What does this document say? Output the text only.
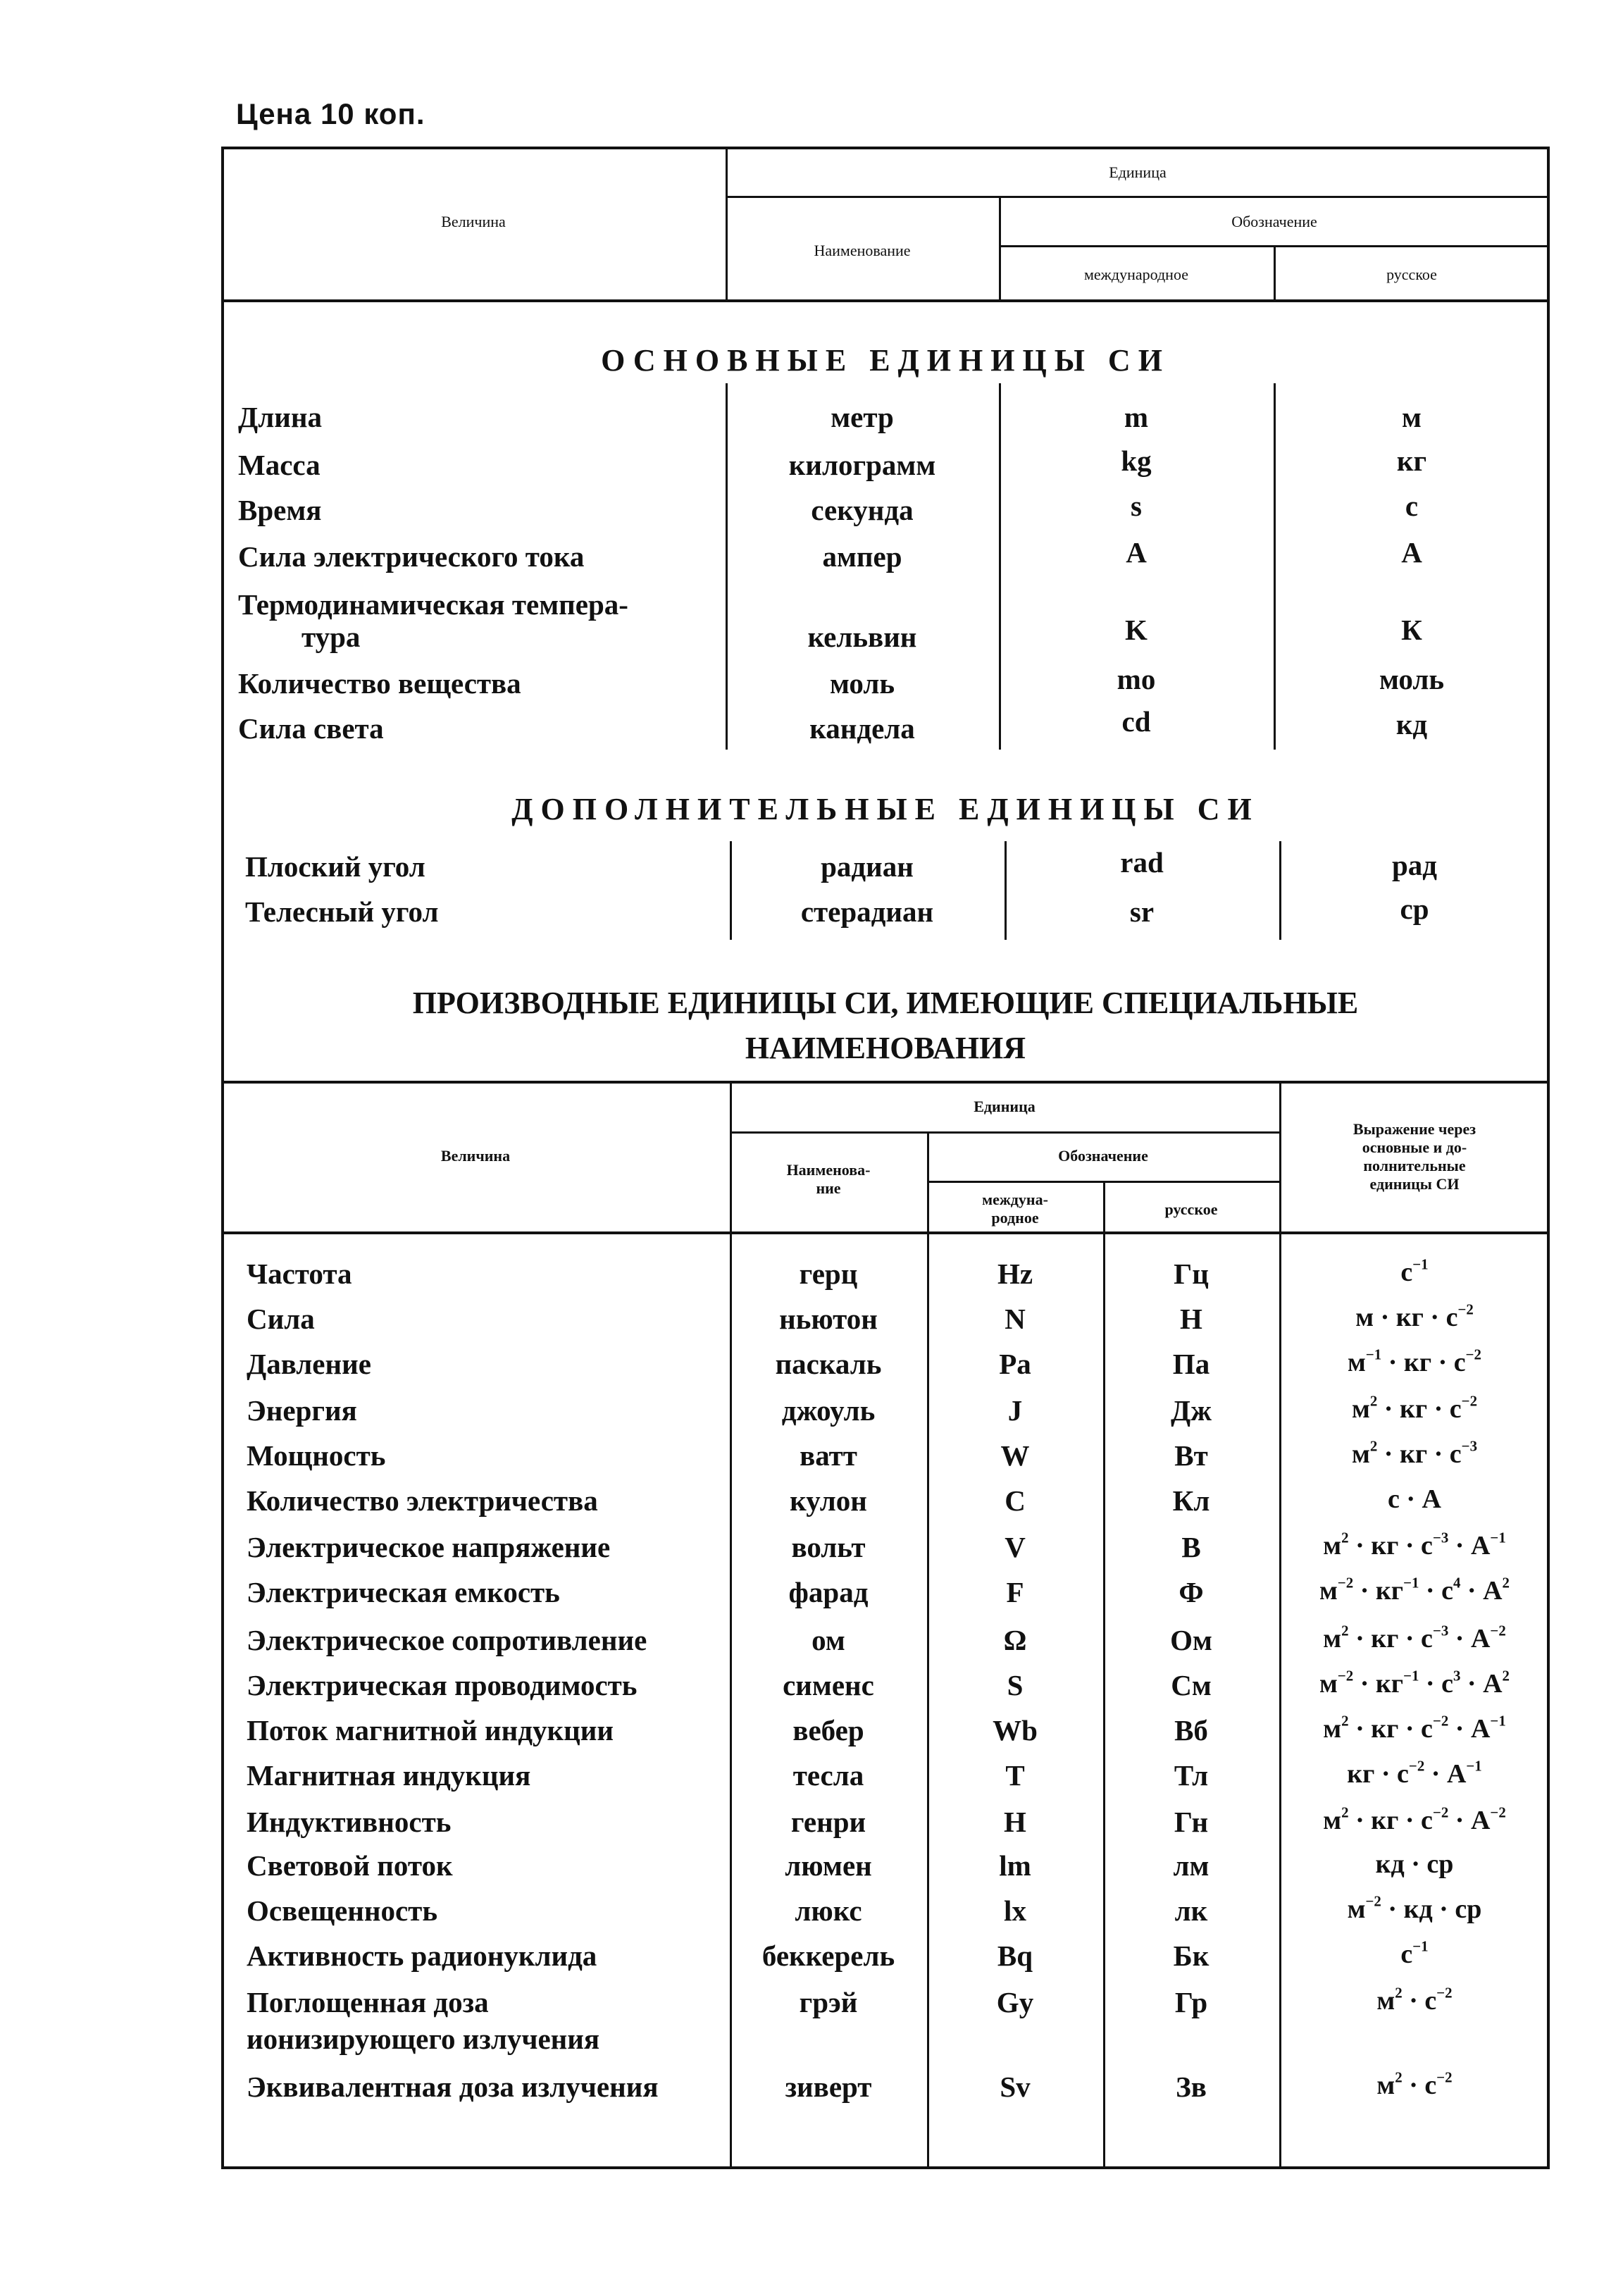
Цена 10 коп.
Величина
Единица
Наименование
Обозначение
международное	русское
ОСНОВНЫЕ ЕДИНИЦЫ СИ
ДОПОЛНИТЕЛЬНЫЕ ЕДИНИЦЫ СИ
ПРОИЗВОДНЫЕ ЕДИНИЦЫ СИ, ИМЕЮЩИЕ СПЕЦИАЛЬНЫЕ
НАИМЕНОВАНИЯ
Длина	метр	m	м
Масса	килограмм	kg	кг
Время	секунда	s	с
Сила электрического тока	ампер	A	А
Термодинамическая темпера-
тура	кельвин	K	К
Количество вещества	моль	mo	моль
Сила света	кандела	cd	кд
Плоский угол	радиан	rad	рад
Телесный угол	стерадиан	sr	ср
Величина
Единица
Наименова-
ние
Обозначение
междуна-
родное	русское
Выражение через
основные и до-
полнительные
единицы СИ
Частота	герц	Hz	Гц	$с^{-1}$
Сила	ньютон	N	Н	м · кг · $с^{-2}$
Давление	паскаль	Pa	Па	$м^{-1}$ · кг · $с^{-2}$
Энергия	джоуль	J	Дж	$м^2$ · кг · $с^{-2}$
Мощность	ватт	W	Вт	$м^2$ · кг · $с^{-3}$
Количество электричества	кулон	C	Кл	с · А
Электрическое напряжение	вольт	V	В	$м^2$ · кг · $с^{-3} \cdot А^{-1}$
Электрическая емкость	фарад	F	Ф	$м^{-2} \cdot кг^{-1} \cdot с^4 \cdot А^2$
Электрическое сопротивление	ом	Ω	Ом	$м^2$ · кг · $с^{-3} \cdot А^{-2}$
Электрическая проводимость	сименс	S	См	$м^{-2} \cdot кг^{-1} \cdot с^3 \cdot А^2$
Поток магнитной индукции	вебер	Wb	Вб	$м^2$ · кг · $с^{-2} \cdot А^{-1}$
Магнитная индукция	тесла	T	Тл	кг · $с^{-2} \cdot А^{-1}$
Индуктивность	генри	H	Гн	$м^2$ · кг · $с^{-2} \cdot А^{-2}$
Световой поток	люмен	lm	лм	кд · ср
Освещенность	люкс	lx	лк	$м^{-2}$ · кд · ср
Активность радионуклида	беккерель	Bq	Бк	$с^{-1}$
Поглощенная доза	грэй	Gy	Гр	$м^2 \cdot с^{-2}$
ионизирующего излучения
Эквивалентная доза излучения	зиверт	Sv	Зв	$м^2 \cdot с^{-2}$
